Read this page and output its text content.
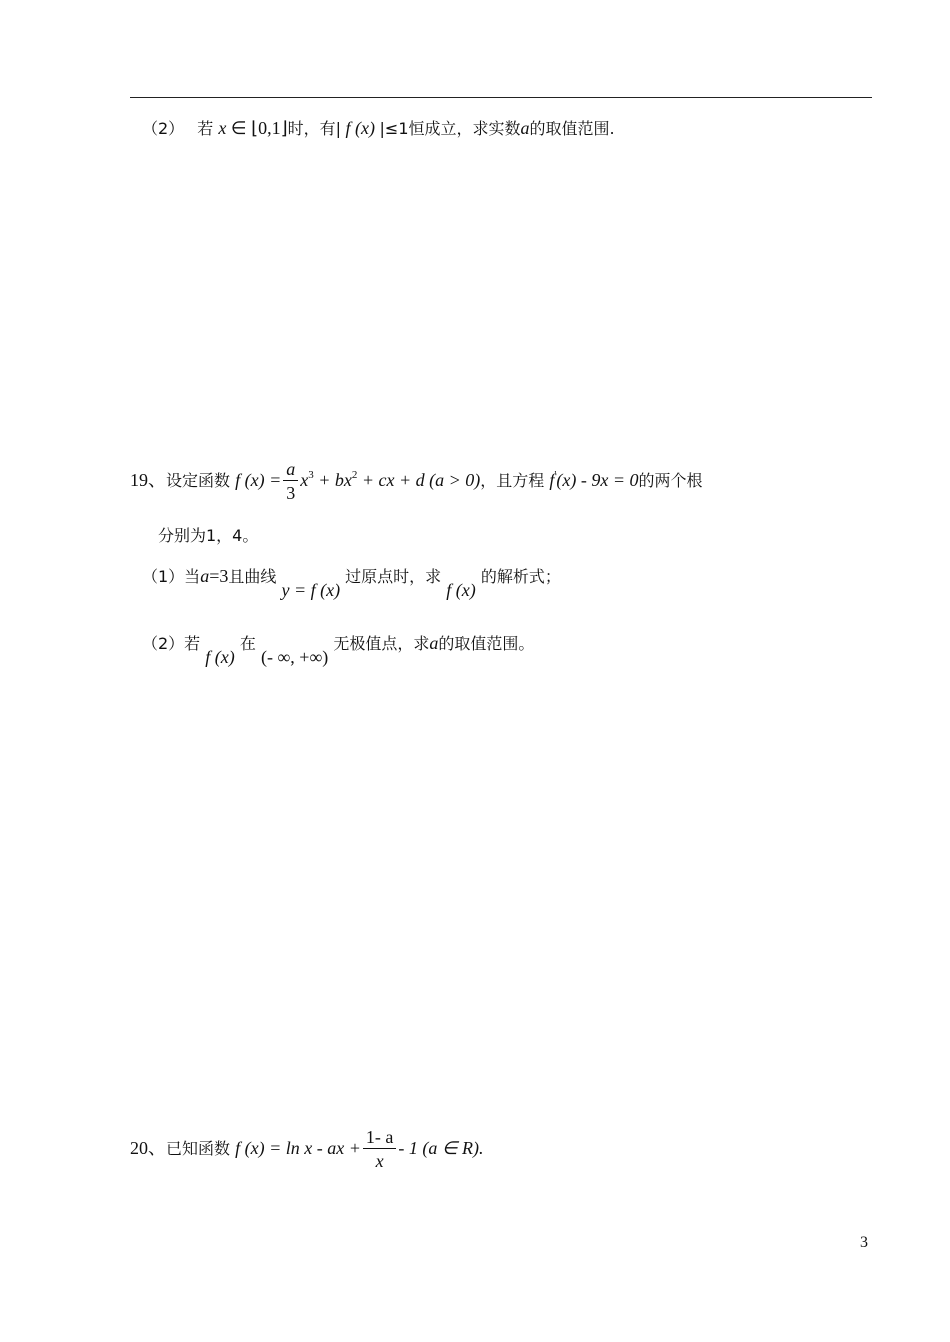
（2） 若 x ∈ ⌊0,1⌋时，有| f (x) |≤1恒成立，求实数a的取值范围.
19、设定函数 f $(x) = \frac{a}{3} x^3 + bx^2$ + cx + d (a > 0)，且方程 f'(x) - 9x = 0的两个根
分别为1，4。
（1）当a=3且曲线 y = f (x) 过原点时，求 f (x) 的解析式；
（2）若 f (x) 在 (- ∞, +∞) 无极值点，求a的取值范围。
20、已知函数 f (x) = ln x - ax + $\frac{1- a}{x} - 1$ (a ∈ R).
3
